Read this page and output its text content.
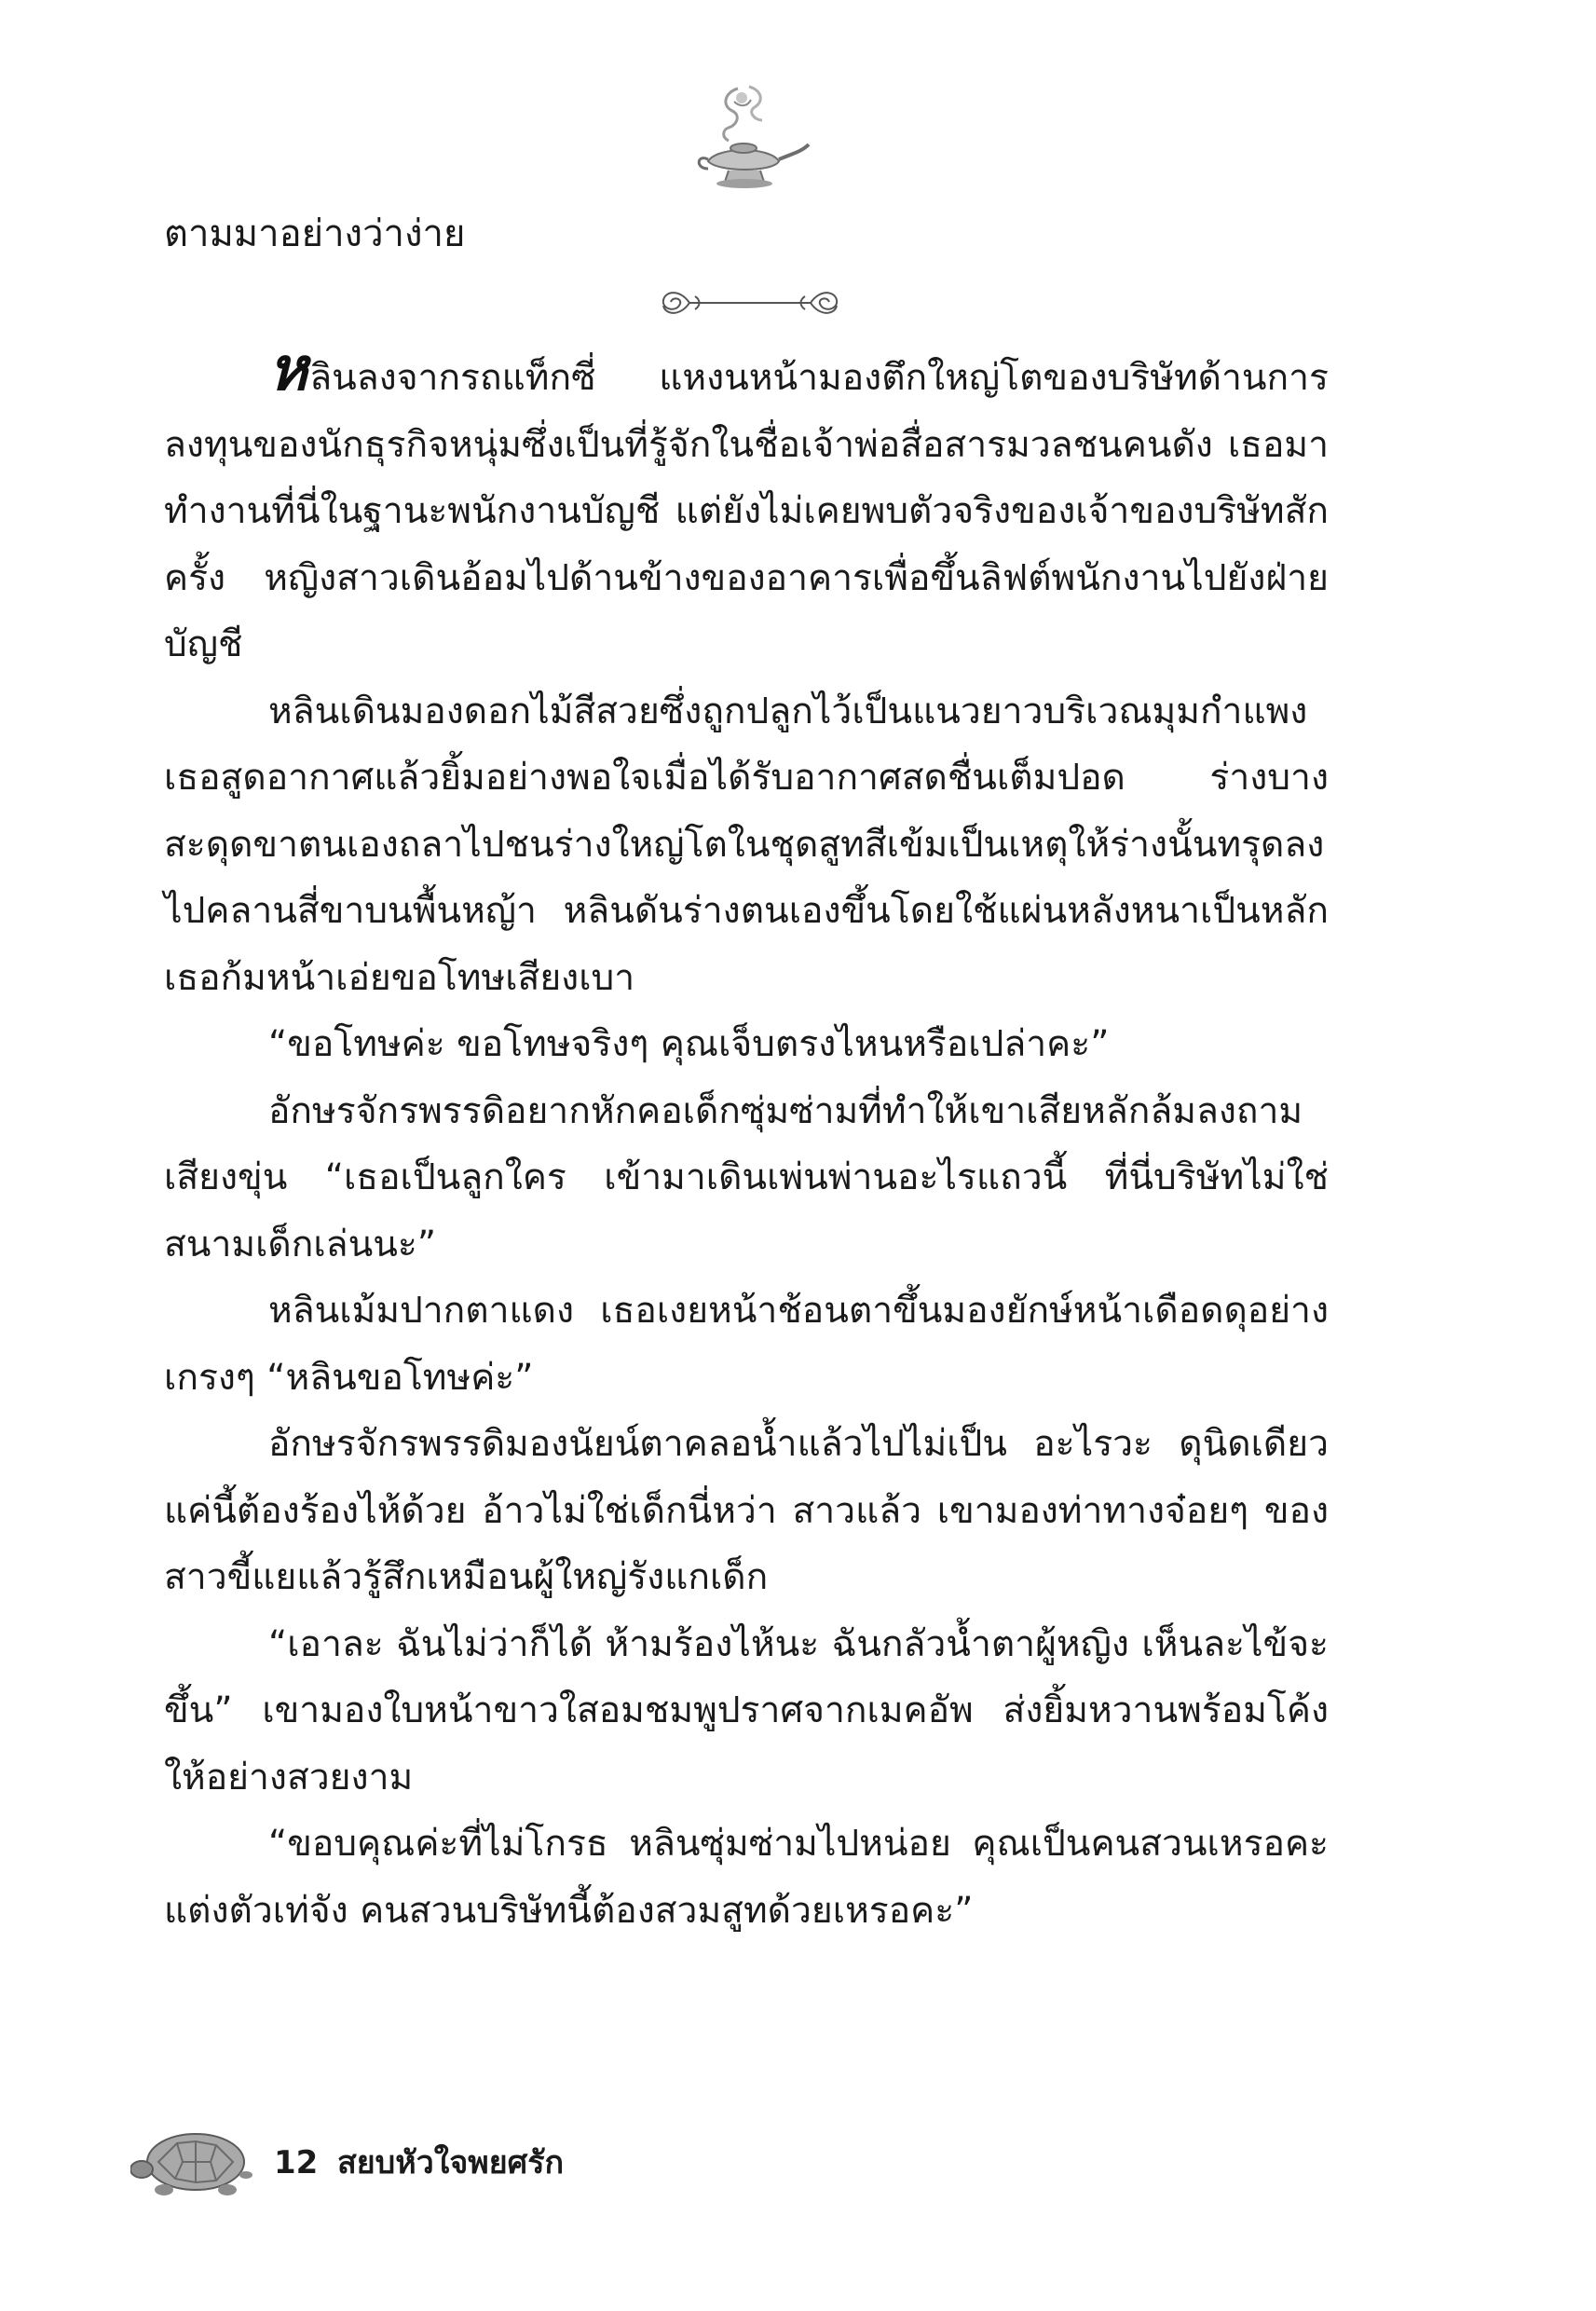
ตามมาอย่างว่าง่าย

หลินลงจากรถแท็กซี่ แหงนหน้ามองตึกใหญ่โตของบริษัทด้านการลงทุนของนักธุรกิจหนุ่มซึ่งเป็นที่รู้จักในชื่อเจ้าพ่อสื่อสารมวลชนคนดัง เธอมาทำงานที่นี่ในฐานะพนักงานบัญชี แต่ยังไม่เคยพบตัวจริงของเจ้าของบริษัทสักครั้ง หญิงสาวเดินอ้อมไปด้านข้างของอาคารเพื่อขึ้นลิฟต์พนักงานไปยังฝ่ายบัญชี

หลินเดินมองดอกไม้สีสวยซึ่งถูกปลูกไว้เป็นแนวยาวบริเวณมุมกำแพง เธอสูดอากาศแล้วยิ้มอย่างพอใจเมื่อได้รับอากาศสดชื่นเต็มปอด ร่างบางสะดุดขาตนเองถลาไปชนร่างใหญ่โตในชุดสูทสีเข้มเป็นเหตุให้ร่างนั้นทรุดลงไปคลานสี่ขาบนพื้นหญ้า หลินดันร่างตนเองขึ้นโดยใช้แผ่นหลังหนาเป็นหลัก เธอก้มหน้าเอ่ยขอโทษเสียงเบา

“ขอโทษค่ะ ขอโทษจริงๆ คุณเจ็บตรงไหนหรือเปล่าคะ”

อักษรจักรพรรดิอยากหักคอเด็กซุ่มซ่ามที่ทำให้เขาเสียหลักล้มลงถามเสียงขุ่น “เธอเป็นลูกใคร เข้ามาเดินเพ่นพ่านอะไรแถวนี้ ที่นี่บริษัทไม่ใช่สนามเด็กเล่นนะ”

หลินเม้มปากตาแดง เธอเงยหน้าช้อนตาขึ้นมองยักษ์หน้าเดือดดุอย่างเกรงๆ “หลินขอโทษค่ะ”

อักษรจักรพรรดิมองนัยน์ตาคลอน้ำแล้วไปไม่เป็น อะไรวะ ดุนิดเดียวแค่นี้ต้องร้องไห้ด้วย อ้าวไม่ใช่เด็กนี่หว่า สาวแล้ว เขามองท่าทางจ๋อยๆ ของสาวขี้แยแล้วรู้สึกเหมือนผู้ใหญ่รังแกเด็ก

“เอาละ ฉันไม่ว่าก็ได้ ห้ามร้องไห้นะ ฉันกลัวน้ำตาผู้หญิง เห็นละไข้จะขึ้น” เขามองใบหน้าขาวใสอมชมพูปราศจากเมคอัพ ส่งยิ้มหวานพร้อมโค้งให้อย่างสวยงาม

“ขอบคุณค่ะที่ไม่โกรธ หลินซุ่มซ่ามไปหน่อย คุณเป็นคนสวนเหรอคะ แต่งตัวเท่จัง คนสวนบริษัทนี้ต้องสวมสูทด้วยเหรอคะ”

12 สยบหัวใจพยศรัก
